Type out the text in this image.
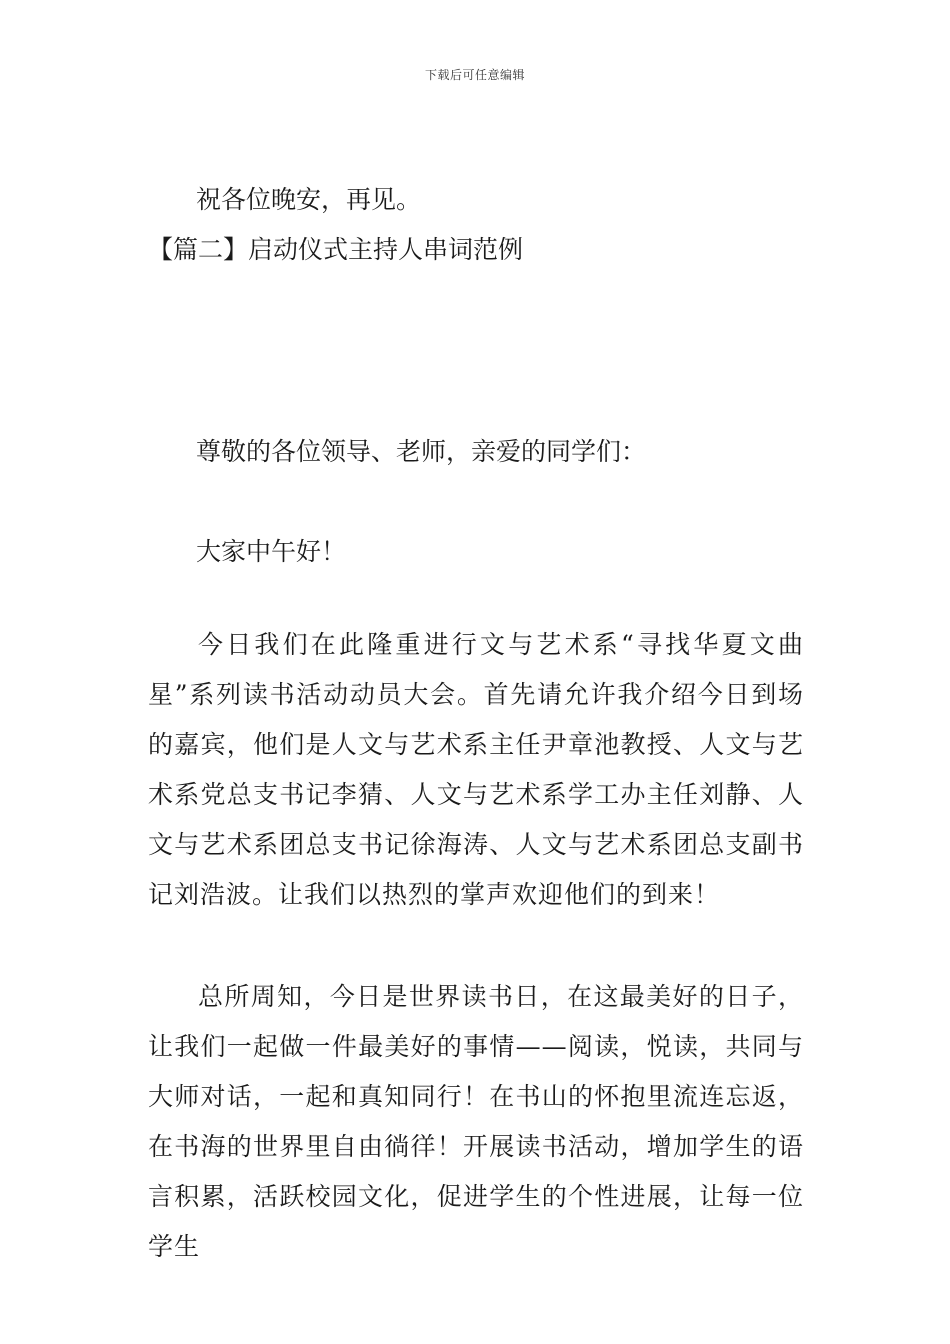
下载后可任意编辑
祝各位晚安，再见。
【篇二】启动仪式主持人串词范例
尊敬的各位领导、老师，亲爱的同学们：
大家中午好！
今日我们在此隆重进行文与艺术系“寻找华夏文曲星”系列读书活动动员大会。首先请允许我介绍今日到场的嘉宾，他们是人文与艺术系主任尹章池教授、人文与艺术系党总支书记李猜、人文与艺术系学工办主任刘静、人文与艺术系团总支书记徐海涛、人文与艺术系团总支副书记刘浩波。让我们以热烈的掌声欢迎他们的到来！
总所周知，今日是世界读书日，在这最美好的日子，让我们一起做一件最美好的事情——阅读，悦读，共同与大师对话，一起和真知同行！在书山的怀抱里流连忘返，在书海的世界里自由徜徉！开展读书活动，增加学生的语言积累，活跃校园文化，促进学生的个性进展，让每一位学生
